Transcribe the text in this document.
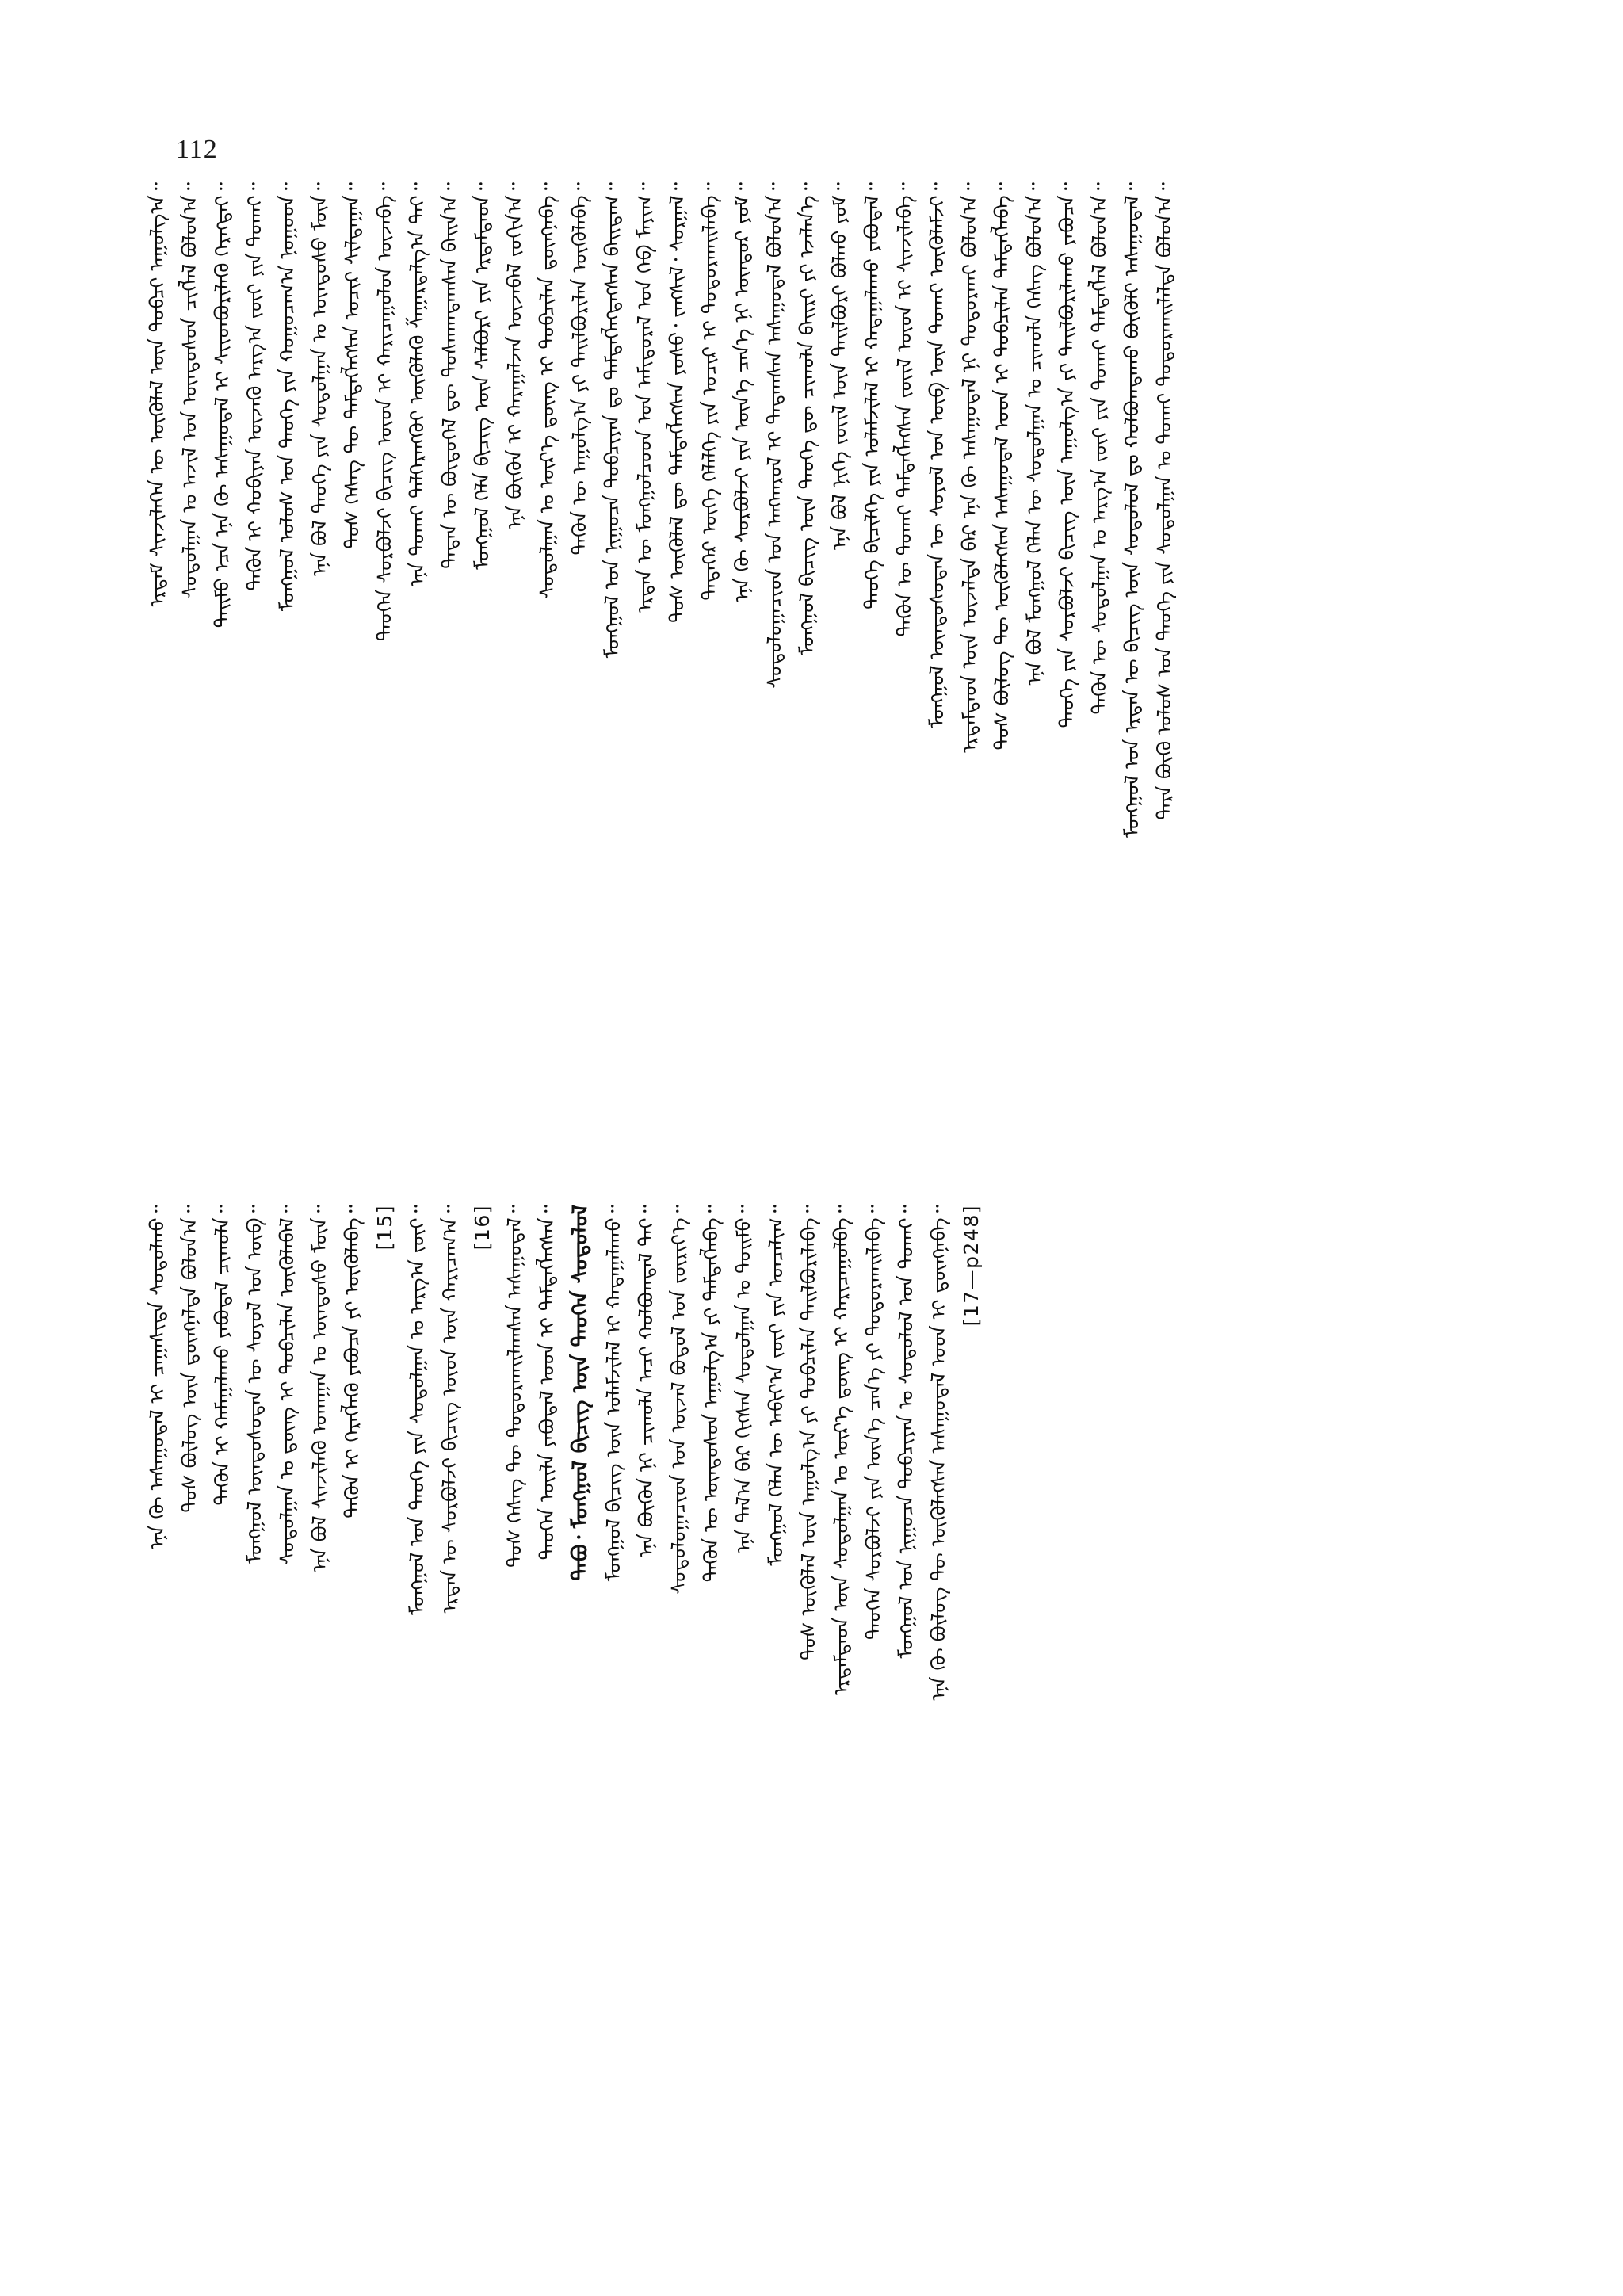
112
ᠲᠡᠷᠡ ᠪᠦᠬᠦ ᠤᠯᠤᠰ ᠤᠨ ᠲᠡᠦᠬᠡ ᠶᠢᠨ ᠰᠤᠳᠤᠯᠭᠠᠨ ᠤ ᠲᠤᠬᠠᠢ ᠲᠣᠳᠣᠷᠬᠠᠢᠯᠠᠯᠲᠠ ᠪᠣᠯᠤᠨ᠎ᠠ᠃
ᠮᠣᠩᠭᠣᠯ ᠤᠨ ᠡᠷᠲᠡᠨ ᠦ ᠪᠢᠴᠢᠭ ᠦᠨ ᠰᠤᠳᠤᠯᠤᠯ ᠳᠤ ᠬᠣᠯᠪᠣᠭᠳᠠᠬᠤ ᠪᠦᠬᠦᠯᠢ ᠠᠰᠠᠭᠤᠳᠠᠯ᠃
ᠲᠡᠭᠦᠨ ᠦ ᠰᠤᠳᠤᠯᠭᠠᠨ ᠤ ᠠᠷᠭ᠎ᠠ ᠵᠦᠢ ᠶᠢᠨ ᠲᠤᠬᠠᠢ ᠲᠡᠮᠳᠡᠭᠯᠡᠯ ᠪᠣᠯᠤᠨ᠎ᠠ᠃
ᠲᠡᠦᠬᠡ ᠶᠢᠨ ᠰᠤᠷᠪᠤᠯᠵᠢ ᠪᠢᠴᠢᠭ ᠦᠨ ᠠᠭᠤᠯᠭ᠎ᠠ ᠶᠢ ᠲᠠᠢᠯᠪᠤᠷᠢᠯᠠᠬᠤ ᠶᠠᠪᠤᠴᠠ᠃
ᠡᠨᠡ ᠪᠣᠯ ᠮᠣᠩᠭᠣᠯ ᠬᠡᠯᠡᠨ ᠦ ᠰᠤᠳᠤᠯᠭᠠᠨ ᠤ ᠴᠢᠬᠤᠯᠠ ᠬᠡᠰᠡᠭ ᠪᠣᠯᠤᠨ᠎ᠠ᠃
ᠲᠤᠰ ᠪᠦᠯᠦᠭ ᠲᠦ ᠦᠭᠦᠯᠡᠭᠰᠡᠨ ᠠᠰᠠᠭᠤᠳᠠᠯ ᠤᠳ ᠢ ᠲᠣᠪᠴᠢᠯᠠᠨ ᠲᠡᠮᠳᠡᠭᠯᠡᠪᠡ᠃
ᠡᠷᠳᠡᠮᠲᠡᠳ ᠦᠨ ᠦᠵᠡᠯᠲᠡ ᠪᠡᠷ ᠡᠨᠡ ᠬᠦ ᠠᠰᠠᠭᠤᠳᠠᠯ ᠨᠢ ᠲᠣᠳᠣᠷᠬᠠᠢ ᠪᠣᠯᠤᠨ᠎ᠠ᠃
ᠮᠣᠩᠭᠣᠯ ᠦᠨᠳᠦᠰᠦᠲᠡᠨ ᠦ ᠰᠣᠶᠣᠯ ᠤᠨ ᠦᠪ ᠦᠨ ᠲᠤᠬᠠᠢ ᠦᠭᠦᠯᠡᠮᠵᠢ᠃
ᠲᠡᠭᠦᠨ ᠦ ᠲᠤᠬᠠᠢ ᠲᠡᠮᠳᠡᠭᠯᠡᠭᠰᠡᠨ ᠵᠦᠢᠯ ᠦᠳ ᠢ ᠰᠢᠨᠵᠢᠯᠡᠪᠡ᠃
ᠲᠡᠦᠬᠡ ᠪᠢᠴᠢᠯᠭᠡ ᠶᠢᠨ ᠤᠯᠠᠮᠵᠢᠯᠠᠯ ᠢ ᠬᠠᠳᠠᠭᠠᠯᠠᠬᠤ ᠶᠠᠪᠤᠳᠠᠯ᠃
ᠡᠨᠡ ᠪᠣᠯ ᠨᠢᠭᠡ ᠵᠦᠢᠯ ᠦᠨ ᠲᠠᠢᠯᠪᠤᠷᠢ ᠪᠣᠯᠬᠤ ᠶᠤᠮ᠃
ᠮᠣᠩᠭᠣᠯ ᠪᠢᠴᠢᠭ ᠦᠨ ᠲᠡᠦᠬᠡ ᠳᠦ ᠴᠢᠬᠤᠯᠠ ᠪᠠᠢᠷᠢ ᠶᠢ ᠡᠵᠡᠯᠡᠨ᠎ᠡ᠃
ᠰᠤᠳᠤᠯᠤᠭᠠᠴᠢᠳ ᠤᠨ ᠠᠩᠬᠠᠷᠤᠯ ᠢ ᠲᠠᠲᠠᠭᠰᠠᠨ ᠠᠰᠠᠭᠤᠳᠠᠯ ᠪᠣᠯᠤᠨ᠎ᠠ᠃
ᠡᠨᠡ ᠬᠦ ᠰᠤᠷᠪᠤᠯᠵᠢ ᠶᠢᠨ ᠦᠨ᠎ᠡ ᠴᠡᠨ᠎ᠡ ᠨᠢ ᠦᠨᠳᠦᠷ ᠶᠤᠮ᠃
ᠲᠡᠳᠡᠭᠡᠷ ᠦᠭᠡ ᠬᠡᠯᠡᠯᠭᠡ ᠶᠢᠨ ᠤᠴᠢᠷ ᠢ ᠲᠣᠳᠣᠷᠬᠠᠢᠯᠠᠪᠠ᠃
ᠲᠤᠰ ᠦᠭᠦᠯᠡᠯ ᠳᠦ ᠲᠡᠮᠳᠡᠭᠯᠡᠭᠰᠡᠨ ᠶᠣᠰᠣ᠂ ᠵᠠᠩᠰᠢᠯ᠂ ᠰᠤᠷᠭᠠᠯ᠃
ᠡᠷᠲᠡᠨ ᠦ ᠮᠣᠩᠭᠣᠯᠴᠤᠳ ᠤᠨ ᠠᠮᠢᠳᠤᠷᠠᠯ ᠤᠨ ᠬᠡᠪ ᠮᠠᠶᠢᠭ᠃
ᠮᠣᠩᠭᠣᠯ ᠤᠨ ᠨᠢᠭᠤᠴᠠ ᠲᠣᠪᠴᠢᠶᠠᠨ ᠳᠤ ᠲᠡᠮᠳᠡᠭᠯᠡᠭᠳᠡᠭᠰᠡᠨ ᠪᠠᠢᠳᠠᠭ᠃
ᠲᠡᠭᠦᠨ ᠦ ᠠᠭᠤᠯᠭ᠎ᠠ ᠶᠢ ᠲᠠᠢᠯᠪᠤᠷᠢᠯᠠᠨ ᠦᠭᠦᠯᠡᠪᠡ᠃
ᠰᠤᠳᠤᠯᠭᠠᠨ ᠤ ᠦᠷ᠎ᠡ ᠳ᠋ᠦᠩ ᠢ ᠲᠣᠪᠴᠢᠯᠠᠨ ᠳ᠋ᠦᠩᠨᠡᠪᠡ᠃
ᠡᠨᠡ ᠪᠦᠬᠦᠨ ᠢ ᠬᠠᠷᠠᠭᠠᠯᠵᠠᠨ ᠦᠵᠡᠪᠡᠯ ᠵᠣᠬᠢᠨ᠎ᠠ᠃
ᠮᠣᠩᠭᠣᠯ ᠬᠡᠯᠡ ᠪᠢᠴᠢᠭ ᠦᠨ ᠰᠠᠯᠪᠤᠷᠢ ᠶᠢᠨ ᠡᠷᠳᠡᠮᠲᠡᠳ᠃
ᠲᠡᠳᠡᠨ ᠦ ᠪᠦᠲᠦᠭᠡᠯ ᠳᠦ ᠲᠤᠰᠬᠠᠭᠳᠠᠭᠰᠠᠨ ᠪᠠᠢᠨ᠎ᠠ᠃
ᠡᠨᠡ ᠲᠤᠬᠠᠢ ᠳᠡᠯᠭᠡᠷᠡᠩᠭᠦᠢ ᠦᠭᠦᠯᠡᠬᠦ ᠱᠠᠭᠠᠷᠳᠠᠯᠭ᠎ᠠ ᠲᠠᠢ᠃
ᠲᠡᠦᠬᠡᠨ ᠰᠤᠷᠪᠤᠯᠵᠢ ᠪᠢᠴᠢᠭ ᠦᠳ ᠢ ᠬᠠᠷᠢᠴᠠᠭᠤᠯᠤᠨ ᠦᠵᠡᠪᠡ᠃
ᠲᠤᠰ ᠬᠡᠰᠡᠭ ᠲᠦ ᠲᠡᠮᠳᠡᠭᠯᠡᠭᠰᠡᠨ ᠤᠴᠢᠷ ᠰᠢᠯᠲᠠᠭᠠᠨ᠃
ᠡᠨᠡ ᠪᠣᠯ ᠲᠡᠦᠬᠡ ᠶᠢᠨ ᠰᠤᠳᠤᠯᠭᠠᠨ ᠤ ᠦᠨᠳᠦᠰᠦ ᠮᠦᠨ᠃
ᠮᠣᠩᠭᠣᠯ ᠤᠯᠤᠰ ᠤᠨ ᠲᠡᠦᠬᠡ ᠶᠢᠨ ᠬᠤᠭᠤᠴᠠᠭ᠎ᠠ ᠨᠤᠭᠤᠳ᠃
ᠲᠡᠭᠦᠨ ᠢ ᠬᠤᠪᠢᠶᠠᠨ ᠦᠵᠡᠬᠦ ᠠᠷᠭ᠎ᠠ ᠵᠦᠢ ᠶᠢᠨ ᠲᠤᠬᠠᠢ᠃
ᠲᠡᠢᠮᠦ ᠡᠴᠡ ᠡᠨᠡ ᠬᠦ ᠠᠰᠠᠭᠤᠳᠠᠯ ᠢ ᠰᠢᠢᠳᠪᠦᠷᠢᠯᠡᠬᠦ ᠬᠡᠷᠡᠭᠲᠡᠢ᠃
ᠰᠤᠳᠤᠯᠭᠠᠨ ᠤ ᠠᠵᠢᠯ ᠤᠨ ᠦᠨᠳᠦᠰᠦᠨ ᠴᠢᠭᠯᠡᠯ ᠪᠣᠯᠤᠨ᠎ᠠ᠃
ᠡᠷᠳᠡᠮ ᠰᠢᠨᠵᠢᠯᠡᠭᠡᠨ ᠦ ᠦᠭᠦᠯᠡᠯ ᠦᠨ ᠲᠣᠪᠴᠢ ᠠᠭᠤᠯᠭ᠎ᠠ᠃
[17—p248]
ᠡᠨᠡ ᠬᠦ ᠪᠦᠯᠦᠭ ᠲᠦ ᠦᠭᠦᠯᠡᠭᠰᠡᠨ ᠠᠰᠠᠭᠤᠳᠠᠯ ᠤᠳ ᠢ ᠳ᠋ᠦᠩᠨᠡᠪᠡ᠃
ᠮᠣᠩᠭᠣᠯ ᠤᠨ ᠨᠢᠭᠤᠴᠠ ᠲᠣᠪᠴᠢᠶᠠᠨ ᠤ ᠰᠤᠳᠤᠯᠤᠯ ᠤᠨ ᠲᠤᠬᠠᠢ᠃
ᠲᠡᠦᠬᠡᠨ ᠰᠤᠷᠪᠤᠯᠵᠢ ᠶᠢᠨ ᠦᠨ᠎ᠡ ᠴᠡᠨ᠎ᠡ ᠶᠢ ᠲᠣᠳᠣᠷᠬᠠᠢᠯᠠᠪᠠ᠃
ᠡᠷᠳᠡᠮᠲᠡᠳ ᠦᠨ ᠰᠤᠳᠤᠯᠭᠠᠨ ᠤ ᠦᠷ᠎ᠡ ᠳ᠋ᠦᠩ ᠢ ᠬᠠᠷᠢᠴᠠᠭᠤᠯᠪᠠ᠃
ᠲᠤᠰ ᠦᠭᠦᠯᠡᠯ ᠦᠨ ᠠᠭᠤᠯᠭ᠎ᠠ ᠶᠢ ᠲᠣᠪᠴᠢᠯᠠᠨ ᠲᠠᠢᠯᠪᠤᠷᠢᠯᠠᠪᠠ᠃
ᠮᠣᠩᠭᠣᠯ ᠬᠡᠯᠡᠨ ᠦ ᠠᠪᠢᠶ᠎ᠠ ᠵᠦᠢ ᠶᠢᠨ ᠣᠨᠴᠠᠯᠢᠭ᠃
ᠡᠨᠡ ᠲᠠᠯ᠎ᠠ ᠪᠠᠷ ᠬᠢᠭᠰᠡᠨ ᠰᠤᠳᠤᠯᠭᠠᠨ ᠤ ᠲᠣᠢᠮᠤ᠃
ᠲᠡᠭᠦᠨ ᠦ ᠦᠨᠳᠦᠰᠦᠨ ᠠᠭᠤᠯᠭ᠎ᠠ ᠶᠢ ᠲᠡᠮᠳᠡᠭᠯᠡᠪᠡ᠃
ᠰᠤᠳᠤᠯᠤᠭᠠᠴᠢᠳ ᠤᠨ ᠦᠵᠡᠯ ᠪᠣᠳᠣᠯ ᠤᠨ ᠵᠦᠷᠢᠶ᠎ᠡ᠃
ᠡᠨᠡ ᠪᠦᠬᠦᠨ ᠨᠢ ᠴᠢᠬᠤᠯᠠ ᠠᠴᠢ ᠬᠣᠯᠪᠣᠭᠳᠠᠯ ᠲᠠᠢ᠃
ᠮᠣᠩᠭᠣᠯ ᠪᠢᠴᠢᠭ ᠦᠨ ᠤᠯᠠᠮᠵᠢᠯᠠᠯ ᠢ ᠬᠠᠳᠠᠭᠠᠯᠠᠬᠤ᠃
ᠲᠠᠪᠤ᠂ ᠮᠣᠩᠭᠣᠯ ᠪᠢᠴᠢᠭ ᠦᠨ ᠲᠡᠦᠬᠡᠨ ᠰᠤᠳᠤᠯᠤᠯ
ᠲᠡᠦᠬᠡᠨ ᠦᠢᠯᠡ ᠶᠠᠪᠤᠳᠠᠯ ᠤᠳ ᠢ ᠲᠡᠮᠳᠡᠭᠯᠡᠭᠰᠡᠨ᠃
ᠲᠤᠰ ᠬᠡᠰᠡᠭ ᠲᠦ ᠲᠣᠳᠣᠷᠬᠠᠢᠯᠠᠭᠰᠠᠨ ᠠᠰᠠᠭᠤᠳᠠᠯ᠃
[16]
ᠡᠷᠲᠡᠨ ᠦ ᠰᠤᠷᠪᠤᠯᠵᠢ ᠪᠢᠴᠢᠭ ᠦᠳ ᠦᠨ ᠬᠠᠷᠢᠴᠠᠭ᠎ᠠ᠃
ᠮᠣᠩᠭᠣᠯ ᠤᠨ ᠲᠡᠦᠬᠡ ᠶᠢᠨ ᠰᠤᠳᠤᠯᠭᠠᠨ ᠤ ᠠᠷᠭ᠎ᠠ ᠵᠦᠢ᠃
[15]
ᠲᠡᠭᠦᠨ ᠢ ᠬᠡᠷᠡᠭᠯᠡᠬᠦ ᠶᠠᠪᠤᠴᠠ ᠶᠢ ᠦᠭᠦᠯᠡᠪᠡ᠃
ᠡᠨᠡ ᠪᠣᠯ ᠰᠢᠨᠵᠢᠯᠡᠬᠦ ᠤᠬᠠᠭᠠᠨ ᠤ ᠦᠨᠳᠦᠰᠦ ᠮᠦᠨ᠃
ᠰᠤᠳᠤᠯᠭᠠᠨ ᠤ ᠳ᠋ᠦᠩ ᠢ ᠲᠣᠪᠴᠢᠯᠠᠨ ᠦᠭᠦᠯᠡᠪᠡᠯ᠃
ᠮᠣᠩᠭᠣᠯ ᠦᠨᠳᠦᠰᠦᠲᠡᠨ ᠦ ᠰᠣᠶᠣᠯ ᠤᠨ ᠦᠪ᠃
ᠲᠡᠭᠦᠨ ᠢ ᠬᠠᠮᠠᠭᠠᠯᠠᠬᠤ ᠶᠠᠪᠤᠳᠠᠯ ᠴᠢᠬᠤᠯᠠ᠃
ᠲᠤᠰ ᠪᠦᠯᠦᠭ ᠦᠨ ᠳ᠋ᠦᠩᠨᠡᠯᠲᠡ ᠪᠣᠯᠤᠨ᠎ᠠ᠃
ᠡᠨᠡ ᠬᠦ ᠠᠰᠠᠭᠤᠳᠠᠯ ᠢ ᠴᠠᠭᠠᠰᠢᠳᠠ ᠰᠤᠳᠤᠯᠬᠤ᠃
